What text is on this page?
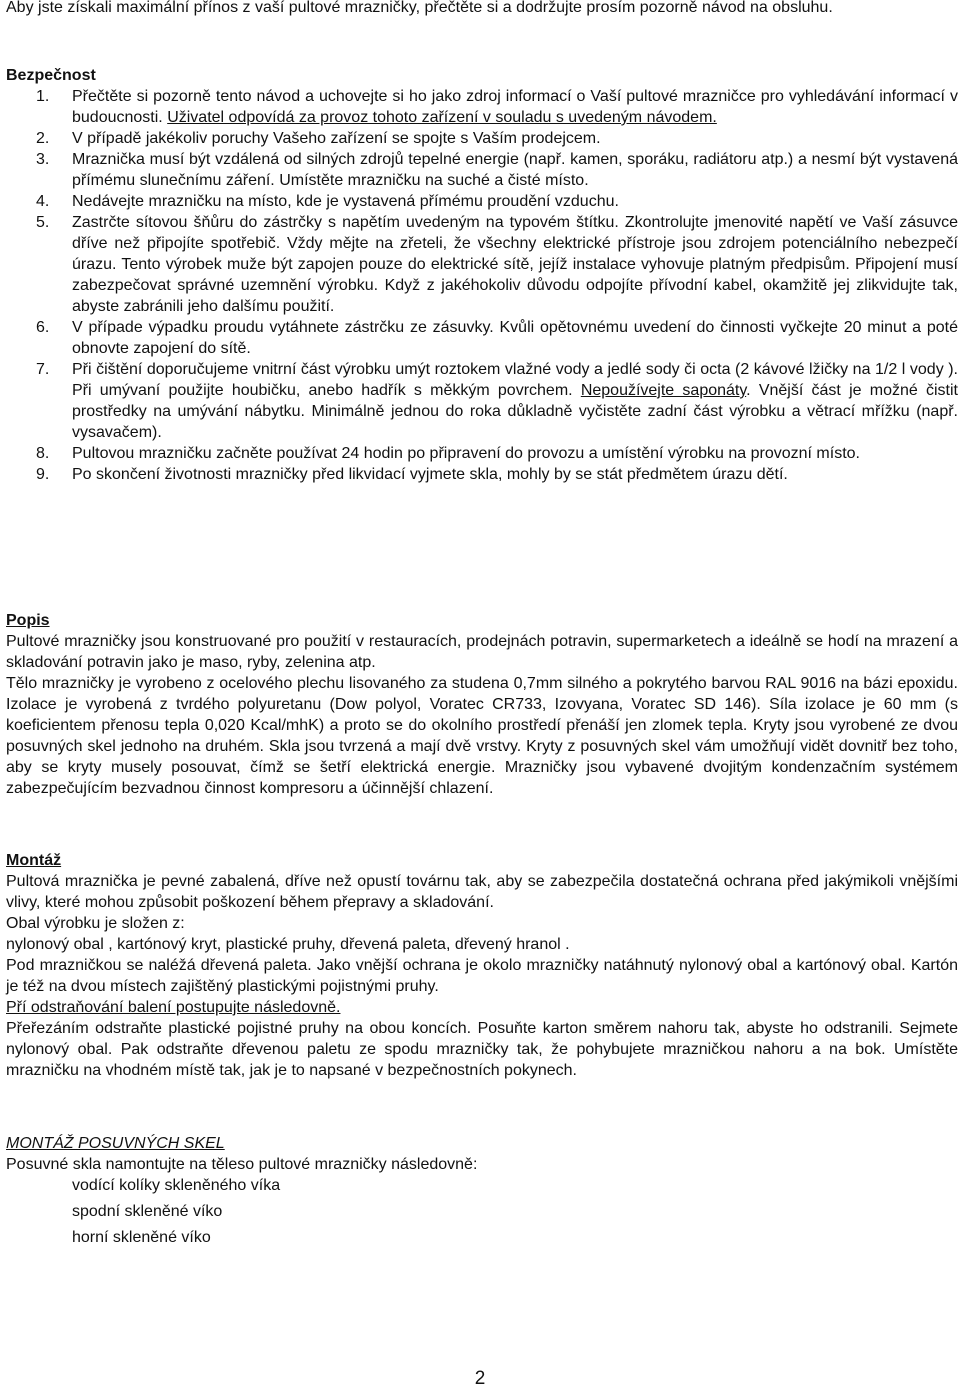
Aby jste získali maximální přínos z vaší pultové mrazničky, přečtěte si a dodržujte prosím pozorně návod na obsluhu.

Bezpečnost

1. Přečtěte si pozorně tento návod a uchovejte si ho jako zdroj informací o Vaší pultové mrazničce pro vyhledávání informací v budoucnosti. Uživatel odpovídá za provoz tohoto zařízení v souladu s uvedeným návodem.
2. V případě jakékoliv poruchy Vašeho zařízení se spojte s Vaším prodejcem.
3. Mraznička musí být vzdálená od silných zdrojů tepelné energie (např. kamen, sporáku, radiátoru atp.) a nesmí být vystavená přímému slunečnímu záření. Umístěte mrazničku na suché a čisté místo.
4. Nedávejte mrazničku na místo, kde je vystavená přímému proudění vzduchu.
5. Zastrčte sítovou šňůru do zástrčky s napětím uvedeným na typovém štítku. Zkontrolujte jmenovité napětí ve Vaší zásuvce dříve než připojíte spotřebič. Vždy mějte na zřeteli, že všechny elektrické přístroje jsou zdrojem potenciálního nebezpečí úrazu. Tento výrobek muže být zapojen pouze do elektrické sítě, jejíž instalace vyhovuje platným předpisům. Připojení musí zabezpečovat správné uzemnění výrobku. Když z jakéhokoliv důvodu odpojíte přívodní kabel, okamžitě jej zlikvidujte tak, abyste zabránili jeho dalšímu použití.
6. V případe výpadku proudu vytáhnete zástrčku ze zásuvky. Kvůli opětovnému uvedení do činnosti vyčkejte 20 minut a poté obnovte zapojení do sítě.
7. Při čištění doporučujeme vnitrní část výrobku umýt roztokem vlažné vody a jedlé sody či octa (2 kávové lžičky na 1/2 l vody ). Při umývaní použijte houbičku, anebo hadřík s měkkým povrchem. Nepoužívejte saponáty. Vnější část je možné čistit prostředky na umývání nábytku. Minimálně jednou do roka důkladně vyčistěte zadní část výrobku a větrací mřížku (např. vysavačem).
8. Pultovou mrazničku začněte používat 24 hodin po připravení do provozu a umístění výrobku na provozní místo.
9. Po skončení životnosti mrazničky před likvidací vyjmete skla, mohly by se stát předmětem úrazu dětí.

Popis

Pultové mrazničky jsou konstruované pro použití v restauracích, prodejnách potravin, supermarketech a ideálně se hodí na mrazení a skladování potravin jako je maso, ryby, zelenina atp.

Tělo mrazničky je vyrobeno z ocelového plechu lisovaného za studena 0,7mm silného a pokrytého barvou RAL 9016 na bázi epoxidu. Izolace je vyrobená z tvrdého polyuretanu (Dow polyol, Voratec CR733, Izovyana, Voratec SD 146). Síla izolace je 60 mm (s koeficientem přenosu tepla 0,020 Kcal/mhK) a proto se do okolního prostředí přenáší jen zlomek tepla. Kryty jsou vyrobené ze dvou posuvných skel jednoho na druhém. Skla jsou tvrzená a mají dvě vrstvy. Kryty z posuvných skel vám umožňují vidět dovnitř bez toho, aby se kryty musely posouvat, čímž se šetří elektrická energie. Mrazničky jsou vybavené dvojitým kondenzačním systémem zabezpečujícím bezvadnou činnost kompresoru a účinnější chlazení.

Montáž

Pultová mraznička je pevné zabalená, dříve než opustí továrnu tak, aby se zabezpečila dostatečná ochrana před jakýmikoli vnějšími vlivy, které mohou způsobit poškození během přepravy a skladování.

Obal výrobku je složen z:

nylonový obal , kartónový kryt, plastické pruhy, dřevená paleta, dřevený hranol .

Pod mrazničkou se naléžá dřevená paleta. Jako vnější ochrana je okolo mrazničky natáhnutý nylonový obal a kartónový obal. Kartón je též na dvou místech zajištěný plastickými pojistnými pruhy.

Pří odstraňování balení postupujte následovně.

Přeřezáním odstraňte plastické pojistné pruhy na obou koncích. Posuňte karton směrem nahoru tak, abyste ho odstranili. Sejmete nylonový obal. Pak odstraňte dřevenou paletu ze spodu mrazničky tak, že pohybujete mrazničkou nahoru a na bok. Umístěte mrazničku na vhodném místě tak, jak je to napsané v bezpečnostních pokynech.

MONTÁŽ POSUVNÝCH SKEL

Posuvné skla namontujte na těleso pultové mrazničky následovně:

vodící kolíky skleněného víka

spodní skleněné víko

horní skleněné víko

2
